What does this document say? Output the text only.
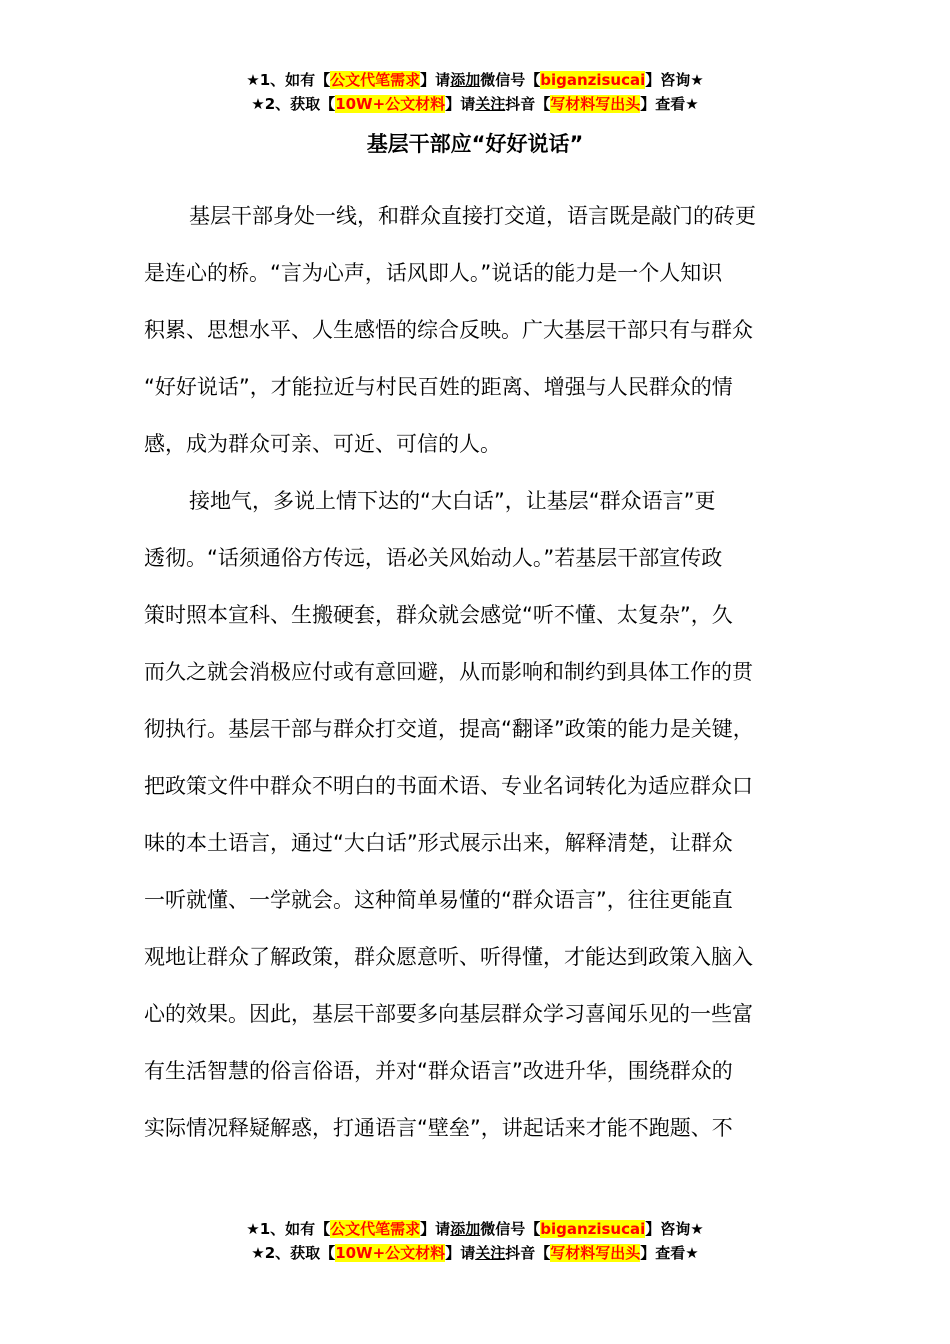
★1、如有【公文代笔需求】请添加微信号【biganzisucai】咨询★
★2、获取【10W+公文材料】请关注抖音【写材料写出头】查看★
基层干部应“好好说话”
基层干部身处一线，和群众直接打交道，语言既是敲门的砖更
是连心的桥。“言为心声，话风即人。”说话的能力是一个人知识
积累、思想水平、人生感悟的综合反映。广大基层干部只有与群众
“好好说话”，才能拉近与村民百姓的距离、增强与人民群众的情
感，成为群众可亲、可近、可信的人。
接地气，多说上情下达的“大白话”，让基层“群众语言”更
透彻。“话须通俗方传远，语必关风始动人。”若基层干部宣传政
策时照本宣科、生搬硬套，群众就会感觉“听不懂、太复杂”，久
而久之就会消极应付或有意回避，从而影响和制约到具体工作的贯
彻执行。基层干部与群众打交道，提高“翻译”政策的能力是关键，
把政策文件中群众不明白的书面术语、专业名词转化为适应群众口
味的本土语言，通过“大白话”形式展示出来，解释清楚，让群众
一听就懂、一学就会。这种简单易懂的“群众语言”，往往更能直
观地让群众了解政策，群众愿意听、听得懂，才能达到政策入脑入
心的效果。因此，基层干部要多向基层群众学习喜闻乐见的一些富
有生活智慧的俗言俗语，并对“群众语言”改进升华，围绕群众的
实际情况释疑解惑，打通语言“壁垒”，讲起话来才能不跑题、不
★1、如有【公文代笔需求】请添加微信号【biganzisucai】咨询★
★2、获取【10W+公文材料】请关注抖音【写材料写出头】查看★
